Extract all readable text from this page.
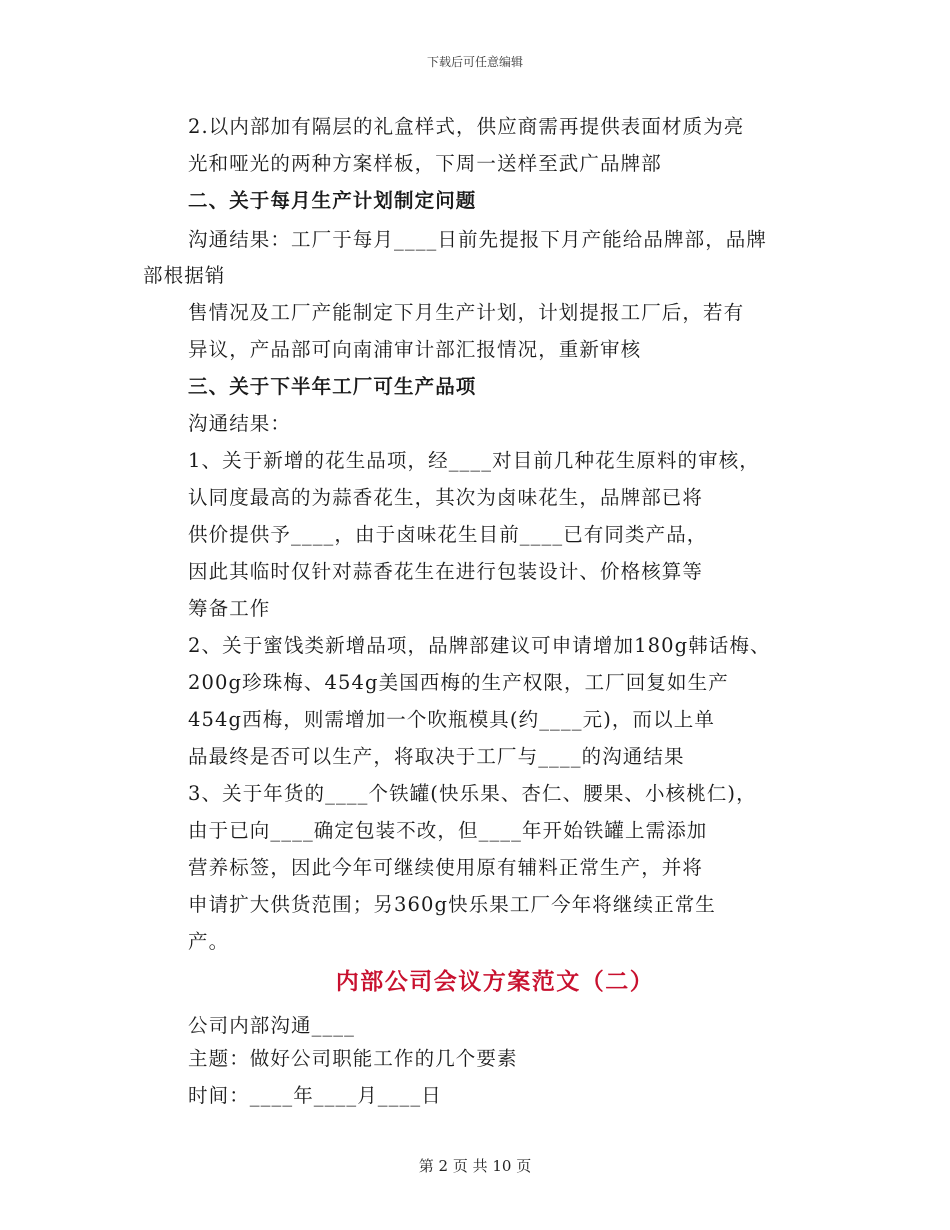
下载后可任意编辑
2.以内部加有隔层的礼盒样式，供应商需再提供表面材质为亮
光和哑光的两种方案样板，下周一送样至武广品牌部
二、关于每月生产计划制定问题
沟通结果：工厂于每月____日前先提报下月产能给品牌部，品牌
部根据销
售情况及工厂产能制定下月生产计划，计划提报工厂后，若有
异议，产品部可向南浦审计部汇报情况，重新审核
三、关于下半年工厂可生产品项
沟通结果：
1、关于新增的花生品项，经____对目前几种花生原料的审核，
认同度最高的为蒜香花生，其次为卤味花生，品牌部已将
供价提供予____，由于卤味花生目前____已有同类产品，
因此其临时仅针对蒜香花生在进行包装设计、价格核算等
筹备工作
2、关于蜜饯类新增品项，品牌部建议可申请增加180g韩话梅、
200g珍珠梅、454g美国西梅的生产权限，工厂回复如生产
454g西梅，则需增加一个吹瓶模具(约____元)，而以上单
品最终是否可以生产，将取决于工厂与____的沟通结果
3、关于年货的____个铁罐(快乐果、杏仁、腰果、小核桃仁)，
由于已向____确定包装不改，但____年开始铁罐上需添加
营养标签，因此今年可继续使用原有辅料正常生产，并将
申请扩大供货范围；另360g快乐果工厂今年将继续正常生
产。
内部公司会议方案范文（二）
公司内部沟通____
主题：做好公司职能工作的几个要素
时间：____年____月____日
第 2 页 共 10 页
